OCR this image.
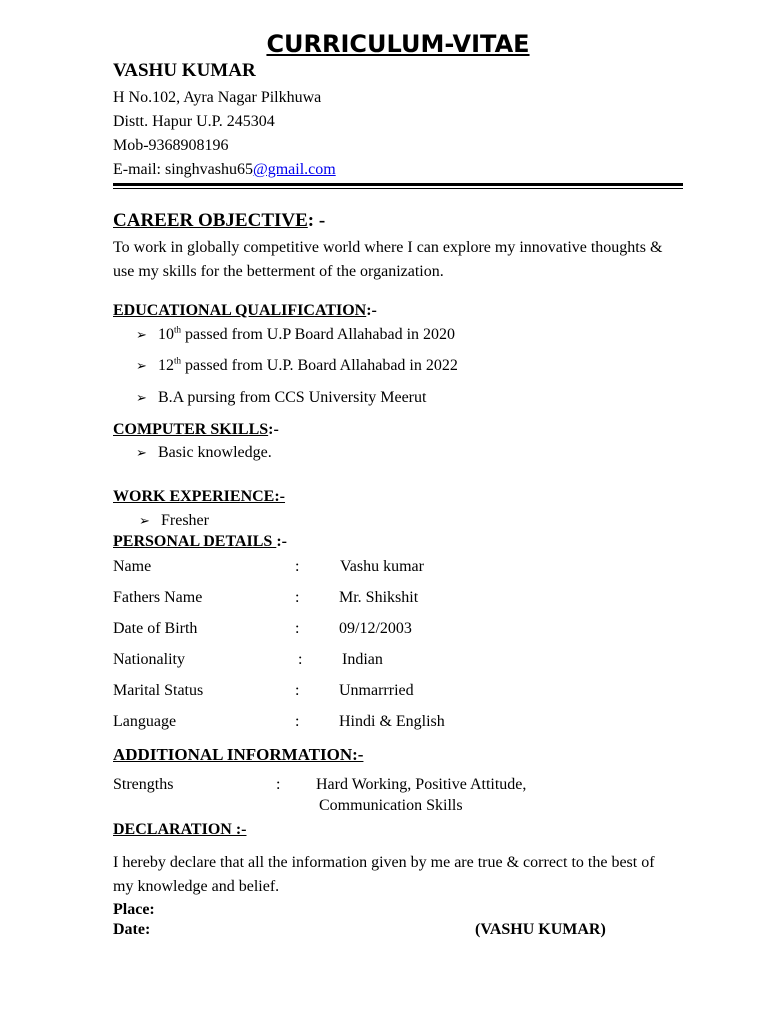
CURRICULUM-VITAE
VASHU KUMAR
H No.102, Ayra Nagar Pilkhuwa
Distt. Hapur U.P. 245304
Mob-9368908196
E-mail: singhvashu65@gmail.com
CAREER OBJECTIVE: -
To work in globally competitive world where I can explore my innovative thoughts & use my skills for the betterment of the organization.
EDUCATIONAL QUALIFICATION:-
➢ 10th passed from U.P Board Allahabad in 2020
➢ 12th passed from U.P. Board Allahabad in 2022
➢ B.A pursing from CCS University Meerut
COMPUTER SKILLS:-
➢ Basic knowledge.
WORK EXPERIENCE:-
➢ Fresher
PERSONAL DETAILS :-
Name	:	Vashu kumar
Fathers Name	: Mr. Shikshit
Date of Birth	: 09/12/2003
Nationality	: Indian
Marital Status	: Unmarrried
Language	: Hindi & English
ADDITIONAL INFORMATION:-
Strengths	: Hard Working, Positive Attitude,
Communication Skills
DECLARATION :-
I hereby declare that all the information given by me are true & correct to the best of my knowledge and belief.
Place:
Date:	(VASHU KUMAR)
